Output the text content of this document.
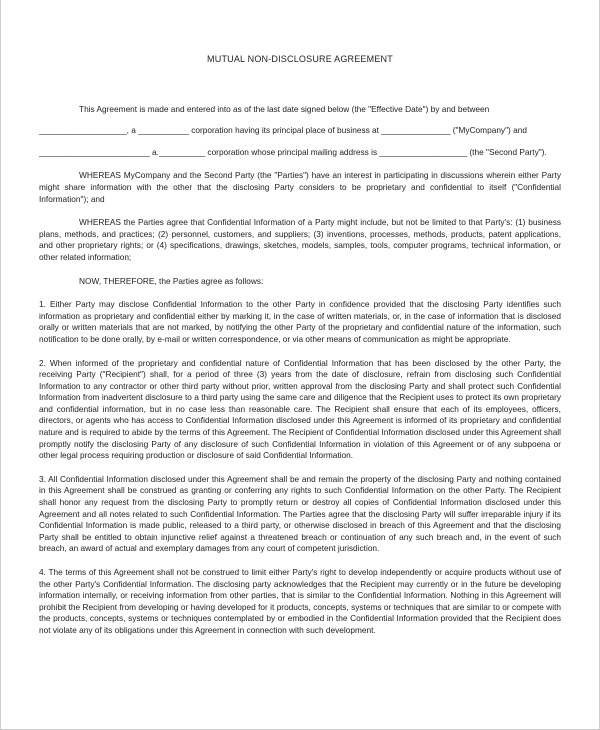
MUTUAL NON-DISCLOSURE AGREEMENT

This Agreement is made and entered into as of the last date signed below (the "Effective Date") by and between

___________________, a ___________ corporation having its principal place of business at _______________ ("MyCompany") and

________________________ a.__________ corporation whose principal mailing address is ___________________ (the "Second Party").

WHEREAS MyCompany and the Second Party (the "Parties") have an interest in participating in discussions wherein either Party might share information with the other that the disclosing Party considers to be proprietary and confidential to itself ("Confidential Information"); and

WHEREAS the Parties agree that Confidential Information of a Party might include, but not be limited to that Party's: (1) business plans, methods, and practices; (2) personnel, customers, and suppliers; (3) inventions, processes, methods, products, patent applications, and other proprietary rights; or (4) specifications, drawings, sketches, models, samples, tools, computer programs, technical information, or other related information;

NOW, THEREFORE, the Parties agree as follows:

1. Either Party may disclose Confidential Information to the other Party in confidence provided that the disclosing Party identifies such information as proprietary and confidential either by marking it, in the case of written materials, or, in the case of information that is disclosed orally or written materials that are not marked, by notifying the other Party of the proprietary and confidential nature of the information, such notification to be done orally, by e-mail or written correspondence, or via other means of communication as might be appropriate.

2. When informed of the proprietary and confidential nature of Confidential Information that has been disclosed by the other Party, the receiving Party ("Recipient") shall, for a period of three (3) years from the date of disclosure, refrain from disclosing such Confidential Information to any contractor or other third party without prior, written approval from the disclosing Party and shall protect such Confidential Information from inadvertent disclosure to a third party using the same care and diligence that the Recipient uses to protect its own proprietary and confidential information, but in no case less than reasonable care. The Recipient shall ensure that each of its employees, officers, directors, or agents who has access to Confidential Information disclosed under this Agreement is informed of its proprietary and confidential nature and is required to abide by the terms of this Agreement. The Recipient of Confidential Information disclosed under this Agreement shall promptly notify the disclosing Party of any disclosure of such Confidential Information in violation of this Agreement or of any subpoena or other legal process requiring production or disclosure of said Confidential Information.

3. All Confidential Information disclosed under this Agreement shall be and remain the property of the disclosing Party and nothing contained in this Agreement shall be construed as granting or conferring any rights to such Confidential Information on the other Party. The Recipient shall honor any request from the disclosing Party to promptly return or destroy all copies of Confidential Information disclosed under this Agreement and all notes related to such Confidential Information. The Parties agree that the disclosing Party will suffer irreparable injury if its Confidential Information is made public, released to a third party, or otherwise disclosed in breach of this Agreement and that the disclosing Party shall be entitled to obtain injunctive relief against a threatened breach or continuation of any such breach and, in the event of such breach, an award of actual and exemplary damages from any court of competent jurisdiction.

4. The terms of this Agreement shall not be construed to limit either Party's right to develop independently or acquire products without use of the other Party's Confidential Information. The disclosing party acknowledges that the Recipient may currently or in the future be developing information internally, or receiving information from other parties, that is similar to the Confidential Information. Nothing in this Agreement will prohibit the Recipient from developing or having developed for it products, concepts, systems or techniques that are similar to or compete with the products, concepts, systems or techniques contemplated by or embodied in the Confidential Information provided that the Recipient does not violate any of its obligations under this Agreement in connection with such development.
